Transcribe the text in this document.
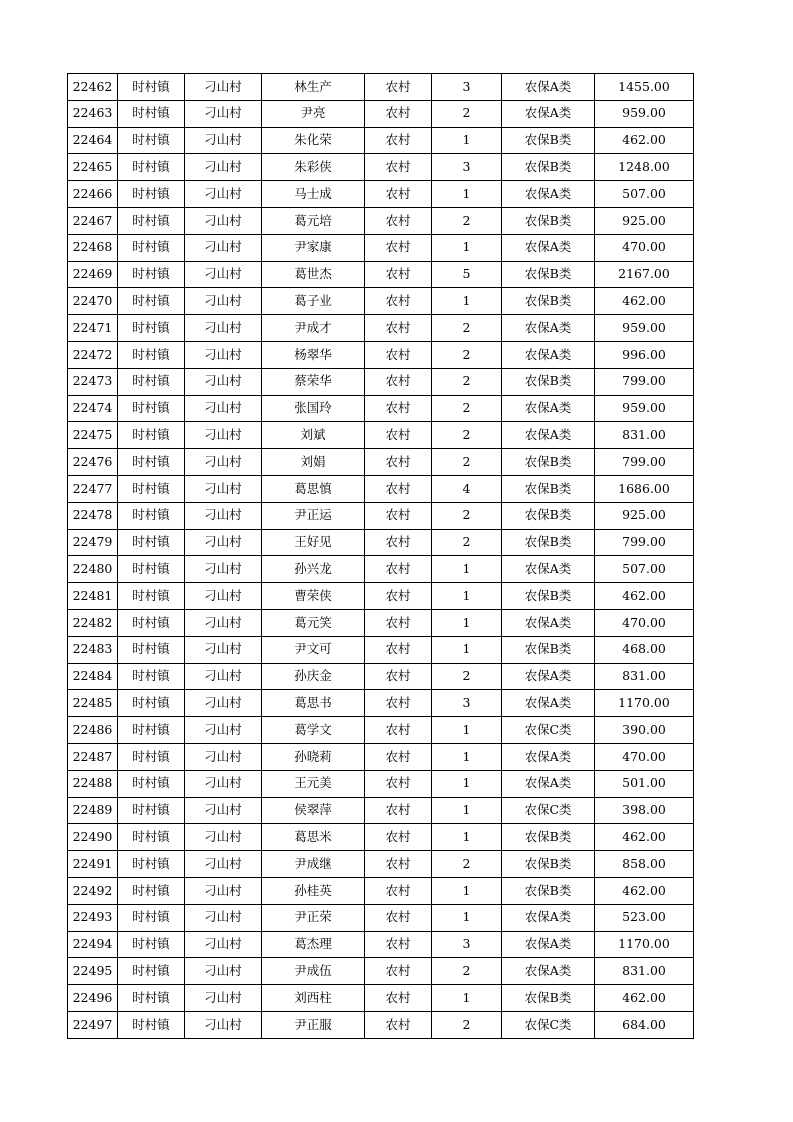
22462	时村镇	刁山村	林生产	农村	3	农保A类	1455.00
22463	时村镇	刁山村	尹亮	农村	2	农保A类	959.00
22464	时村镇	刁山村	朱化荣	农村	1	农保B类	462.00
22465	时村镇	刁山村	朱彩侠	农村	3	农保B类	1248.00
22466	时村镇	刁山村	马士成	农村	1	农保A类	507.00
22467	时村镇	刁山村	葛元培	农村	2	农保B类	925.00
22468	时村镇	刁山村	尹家康	农村	1	农保A类	470.00
22469	时村镇	刁山村	葛世杰	农村	5	农保B类	2167.00
22470	时村镇	刁山村	葛子业	农村	1	农保B类	462.00
22471	时村镇	刁山村	尹成才	农村	2	农保A类	959.00
22472	时村镇	刁山村	杨翠华	农村	2	农保A类	996.00
22473	时村镇	刁山村	蔡荣华	农村	2	农保B类	799.00
22474	时村镇	刁山村	张国玲	农村	2	农保A类	959.00
22475	时村镇	刁山村	刘斌	农村	2	农保A类	831.00
22476	时村镇	刁山村	刘娟	农村	2	农保B类	799.00
22477	时村镇	刁山村	葛思慎	农村	4	农保B类	1686.00
22478	时村镇	刁山村	尹正运	农村	2	农保B类	925.00
22479	时村镇	刁山村	王好见	农村	2	农保B类	799.00
22480	时村镇	刁山村	孙兴龙	农村	1	农保A类	507.00
22481	时村镇	刁山村	曹荣侠	农村	1	农保B类	462.00
22482	时村镇	刁山村	葛元笑	农村	1	农保A类	470.00
22483	时村镇	刁山村	尹文可	农村	1	农保B类	468.00
22484	时村镇	刁山村	孙庆金	农村	2	农保A类	831.00
22485	时村镇	刁山村	葛思书	农村	3	农保A类	1170.00
22486	时村镇	刁山村	葛学文	农村	1	农保C类	390.00
22487	时村镇	刁山村	孙晓莉	农村	1	农保A类	470.00
22488	时村镇	刁山村	王元美	农村	1	农保A类	501.00
22489	时村镇	刁山村	侯翠萍	农村	1	农保C类	398.00
22490	时村镇	刁山村	葛思米	农村	1	农保B类	462.00
22491	时村镇	刁山村	尹成继	农村	2	农保B类	858.00
22492	时村镇	刁山村	孙桂英	农村	1	农保B类	462.00
22493	时村镇	刁山村	尹正荣	农村	1	农保A类	523.00
22494	时村镇	刁山村	葛杰理	农村	3	农保A类	1170.00
22495	时村镇	刁山村	尹成伍	农村	2	农保A类	831.00
22496	时村镇	刁山村	刘西柱	农村	1	农保B类	462.00
22497	时村镇	刁山村	尹正服	农村	2	农保C类	684.00
